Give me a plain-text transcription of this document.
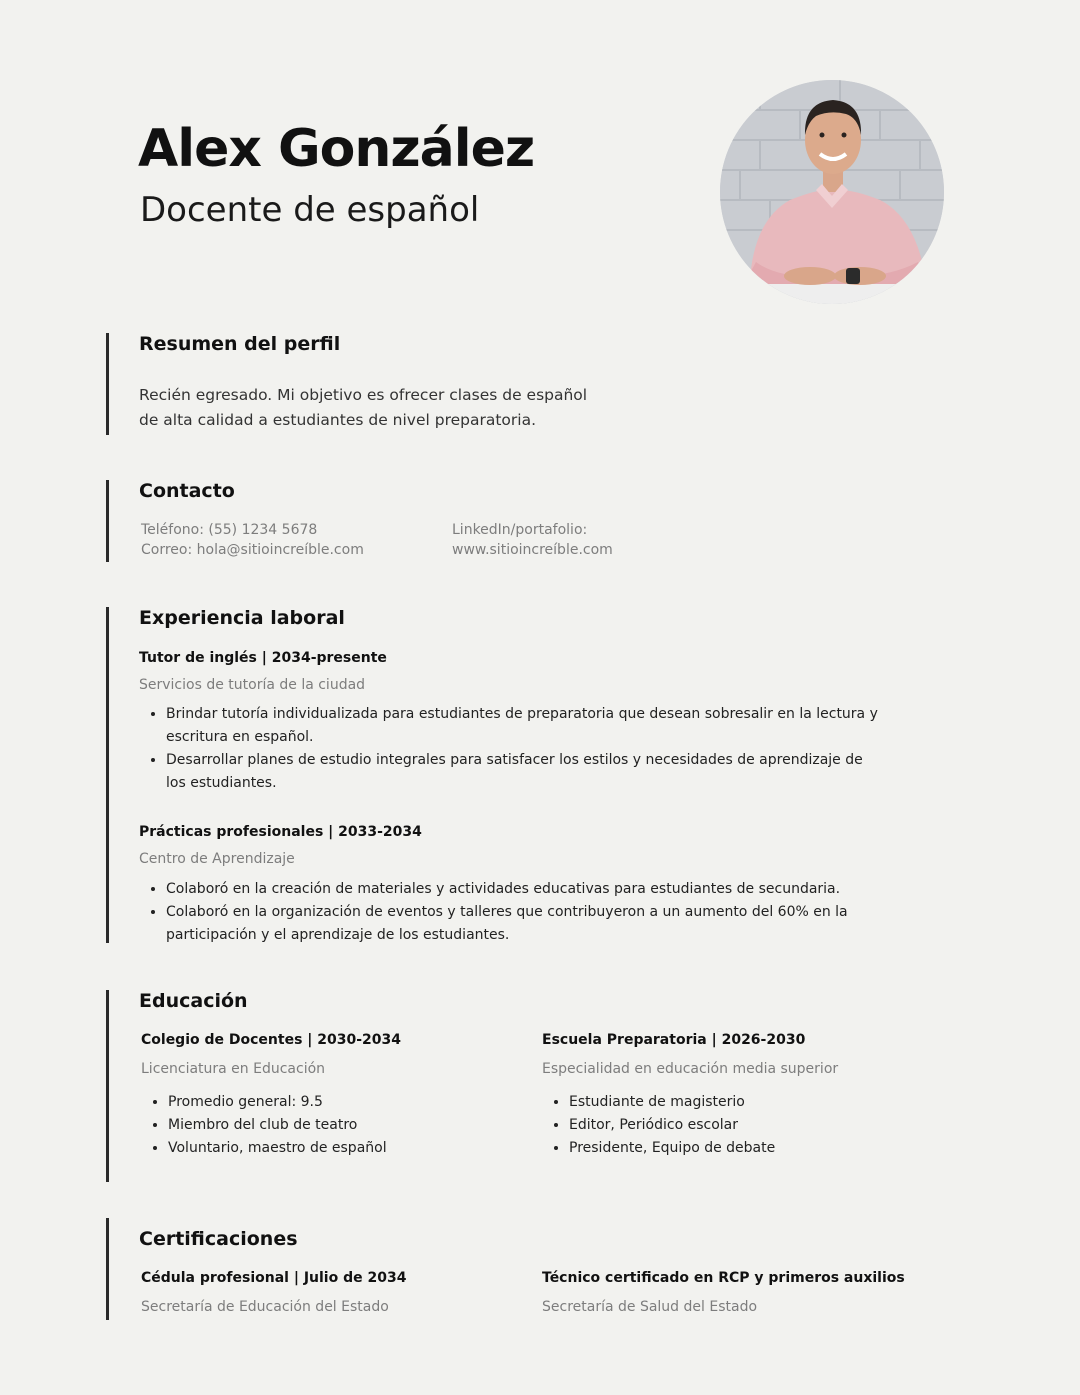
Alex González
Docente de español
Resumen del perfil
Recién egresado. Mi objetivo es ofrecer clases de español
de alta calidad a estudiantes de nivel preparatoria.
Contacto
Teléfono: (55) 1234 5678
Correo: hola@sitioincreíble.com
LinkedIn/portafolio:
www.sitioincreíble.com
Experiencia laboral
Tutor de inglés | 2034-presente
Servicios de tutoría de la ciudad
• Brindar tutoría individualizada para estudiantes de preparatoria que desean sobresalir en la lectura y
escritura en español.
• Desarrollar planes de estudio integrales para satisfacer los estilos y necesidades de aprendizaje de
los estudiantes.
Prácticas profesionales | 2033-2034
Centro de Aprendizaje
• Colaboró en la creación de materiales y actividades educativas para estudiantes de secundaria.
• Colaboró en la organización de eventos y talleres que contribuyeron a un aumento del 60% en la
participación y el aprendizaje de los estudiantes.
Educación
Colegio de Docentes | 2030-2034
Licenciatura en Educación
• Promedio general: 9.5
• Miembro del club de teatro
• Voluntario, maestro de español
Escuela Preparatoria | 2026-2030
Especialidad en educación media superior
• Estudiante de magisterio
• Editor, Periódico escolar
• Presidente, Equipo de debate
Certificaciones
Cédula profesional | Julio de 2034
Secretaría de Educación del Estado
Técnico certificado en RCP y primeros auxilios
Secretaría de Salud del Estado
